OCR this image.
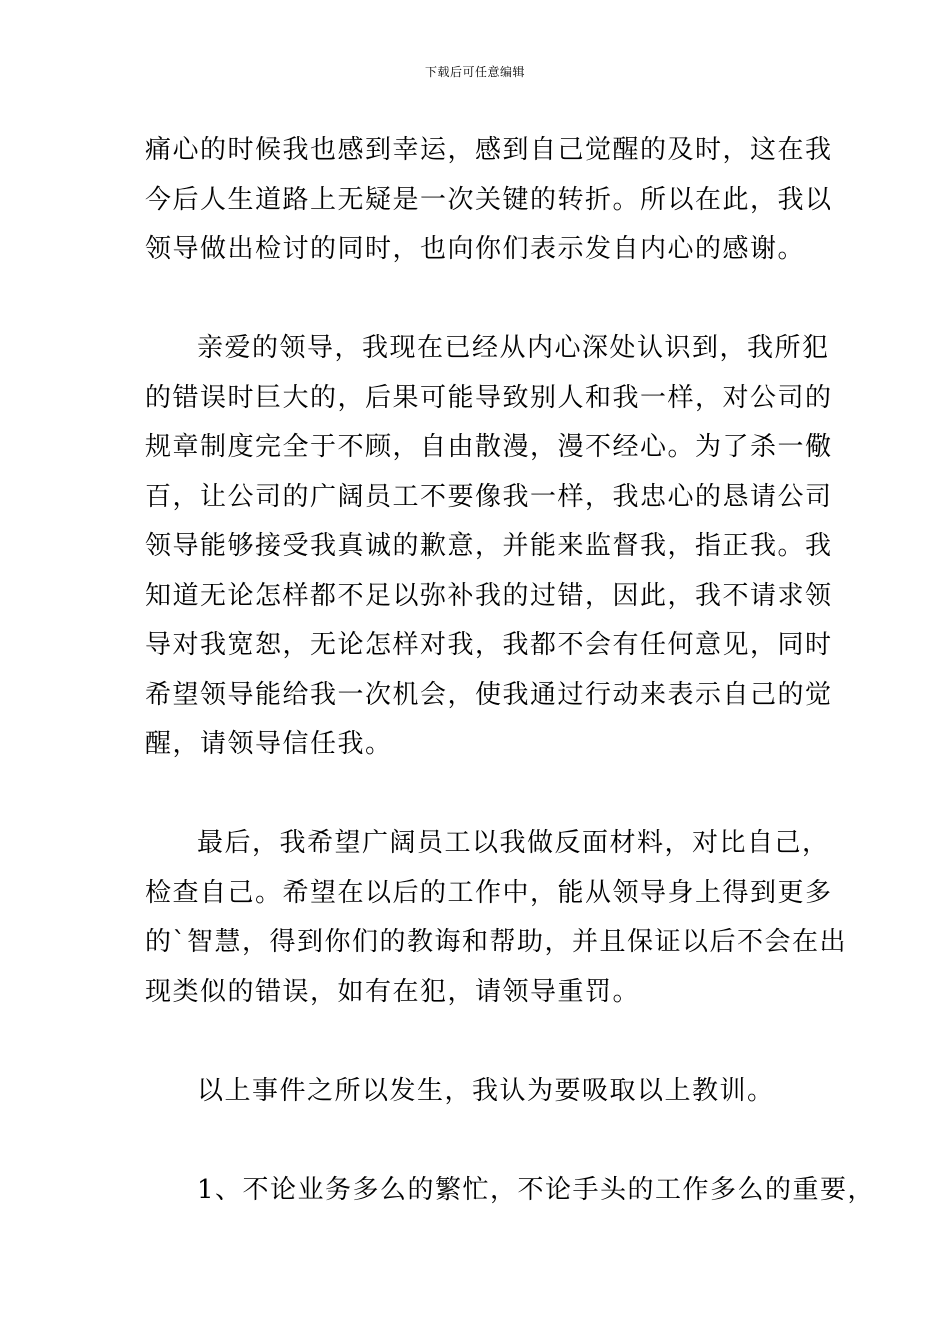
下载后可任意编辑
痛心的时候我也感到幸运，感到自己觉醒的及时，这在我
今后人生道路上无疑是一次关键的转折。所以在此，我以
领导做出检讨的同时，也向你们表示发自内心的感谢。
亲爱的领导，我现在已经从内心深处认识到，我所犯
的错误时巨大的，后果可能导致别人和我一样，对公司的
规章制度完全于不顾，自由散漫，漫不经心。为了杀一儆
百，让公司的广阔员工不要像我一样，我忠心的恳请公司
领导能够接受我真诚的歉意，并能来监督我，指正我。我
知道无论怎样都不足以弥补我的过错，因此，我不请求领
导对我宽恕，无论怎样对我，我都不会有任何意见，同时
希望领导能给我一次机会，使我通过行动来表示自己的觉
醒，请领导信任我。
最后，我希望广阔员工以我做反面材料，对比自己，
检查自己。希望在以后的工作中，能从领导身上得到更多
的`智慧，得到你们的教诲和帮助，并且保证以后不会在出
现类似的错误，如有在犯，请领导重罚。
以上事件之所以发生，我认为要吸取以上教训。
1、不论业务多么的繁忙，不论手头的工作多么的重要，
